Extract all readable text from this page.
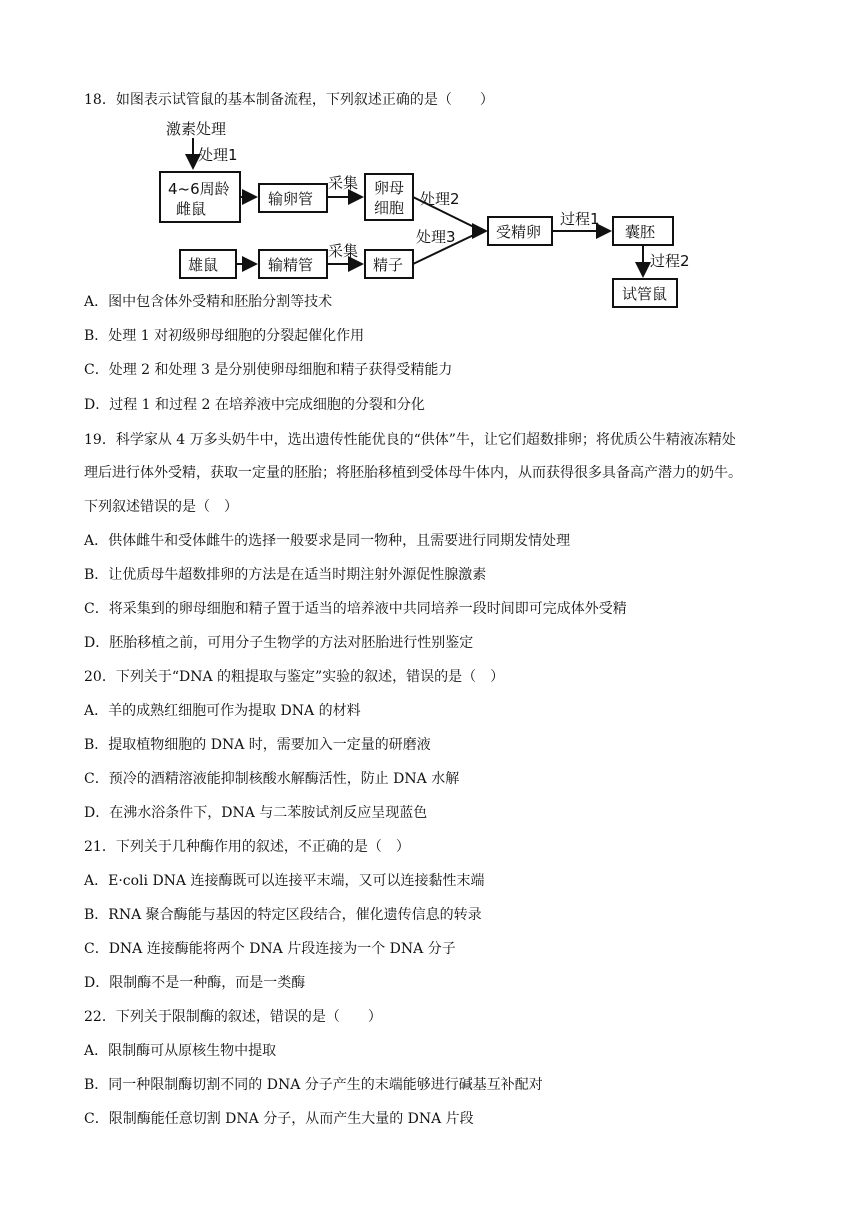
18．如图表示试管鼠的基本制备流程，下列叙述正确的是（　　）
激素处理
处理1
4~6周龄
雌鼠
输卵管
采集 卵母
细胞
雄鼠	输精管
采集
精子
处理2
处理3	受精卵
过程1
囊胚
过程2
试管鼠
A．图中包含体外受精和胚胎分割等技术
B．处理 1 对初级卵母细胞的分裂起催化作用
C．处理 2 和处理 3 是分别使卵母细胞和精子获得受精能力
D．过程 1 和过程 2 在培养液中完成细胞的分裂和分化
19．科学家从 4 万多头奶牛中，选出遗传性能优良的“供体”牛，让它们超数排卵；将优质公牛精液冻精处
理后进行体外受精，获取一定量的胚胎；将胚胎移植到受体母牛体内，从而获得很多具备高产潜力的奶牛。
下列叙述错误的是（　）
A．供体雌牛和受体雌牛的选择一般要求是同一物种，且需要进行同期发情处理
B．让优质母牛超数排卵的方法是在适当时期注射外源促性腺激素
C．将采集到的卵母细胞和精子置于适当的培养液中共同培养一段时间即可完成体外受精
D．胚胎移植之前，可用分子生物学的方法对胚胎进行性别鉴定
20．下列关于“DNA 的粗提取与鉴定”实验的叙述，错误的是（　）
A．羊的成熟红细胞可作为提取 DNA 的材料
B．提取植物细胞的 DNA 时，需要加入一定量的研磨液
C．预冷的酒精溶液能抑制核酸水解酶活性，防止 DNA 水解
D．在沸水浴条件下，DNA 与二苯胺试剂反应呈现蓝色
21．下列关于几种酶作用的叙述，不正确的是（　）
A．E·coli DNA 连接酶既可以连接平末端，又可以连接黏性末端
B．RNA 聚合酶能与基因的特定区段结合，催化遗传信息的转录
C．DNA 连接酶能将两个 DNA 片段连接为一个 DNA 分子
D．限制酶不是一种酶，而是一类酶
22．下列关于限制酶的叙述，错误的是（　　）
A．限制酶可从原核生物中提取
B．同一种限制酶切割不同的 DNA 分子产生的末端能够进行碱基互补配对
C．限制酶能任意切割 DNA 分子，从而产生大量的 DNA 片段
